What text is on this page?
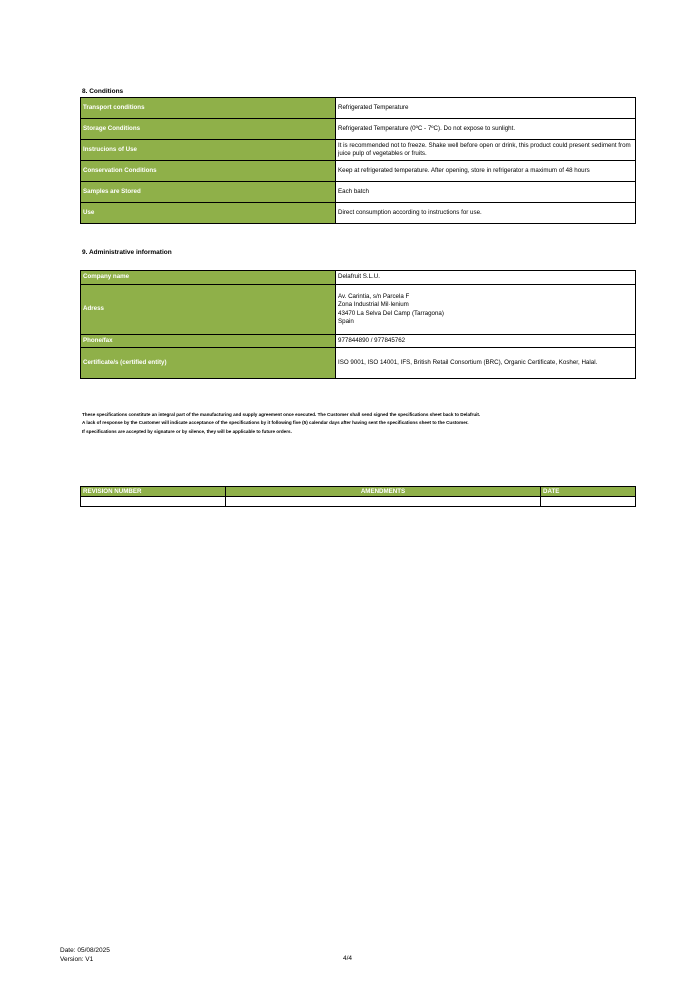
8. Conditions
Transport conditions	Refrigerated Temperature
Storage Conditions	Refrigerated Temperature (0ºC - 7ºC). Do not expose to sunlight.
Instrucions of Use	It is recommended not to freeze. Shake well before open or drink, this product could present sediment from juice pulp of vegetables or fruits.
Conservation Conditions	Keep at refrigerated temperature. After opening, store in refrigerator a maximum of 48 hours
Samples are Stored	Each batch
Use	Direct consumption according to instructions for use.
9. Administrative information
Company name	Delafruit S.L.U.
Adress	Av. Carintia, s/n Parcela F
Zona Industrial Mil·lenium
43470 La Selva Del Camp (Tarragona)
Spain

Phone/fax	977844890 / 977845762
Certificate/s (certified entity)	ISO 9001, ISO 14001, IFS, British Retail Consortium (BRC), Organic Certificate, Kosher, Halal.
These specifications constitute an integral part of the manufacturing and supply agreement once executed. The Customer shall send signed the specifications sheet back to Delafruit.
A lack of response by the Customer will indicate acceptance of the specifications by it following five (5) calendar days after having sent the specifications sheet to the Customer.
If specifications are accepted by signature or by silence, they will be applicable to future orders.
REVISION NUMBER	AMENDMENTS	DATE

Date: 05/08/2025
Version: V1	4/4
